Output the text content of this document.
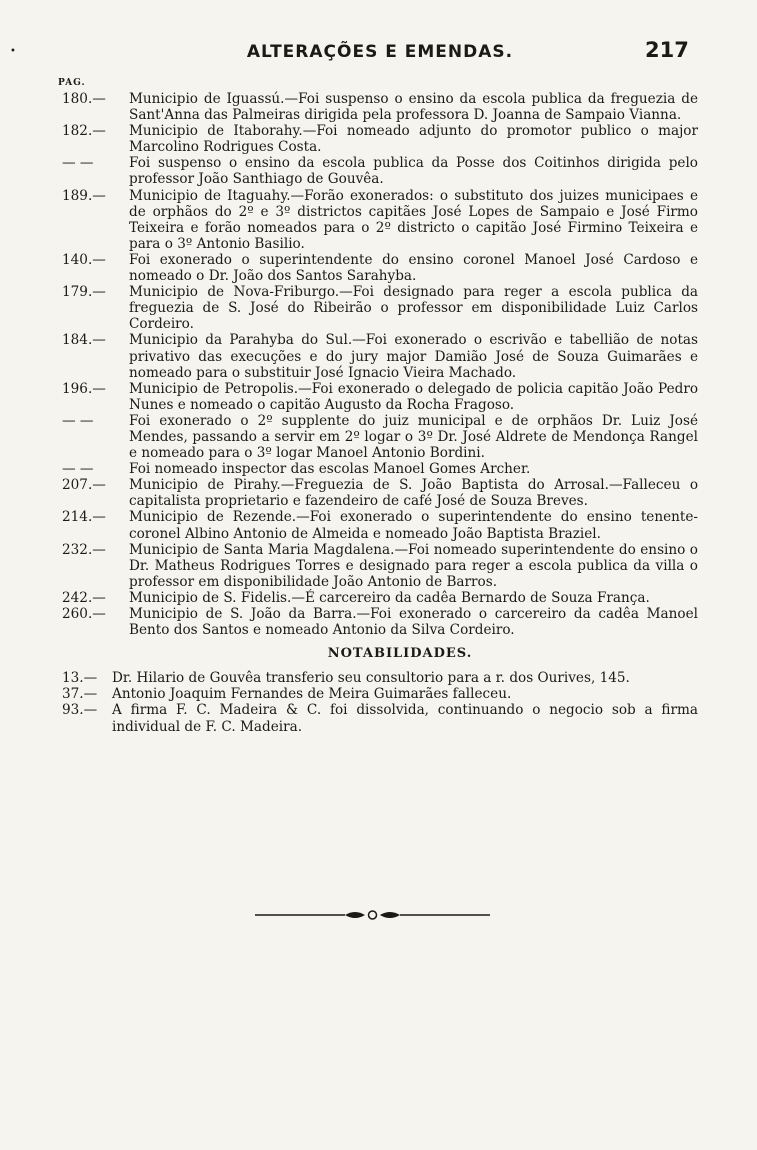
•	ALTERAÇÕES E EMENDAS.	217
PAG.

180.—	Municipio de Iguassú.—Foi suspenso o ensino da escola publica da freguezia de Sant'Anna das Palmeiras dirigida pela professora D. Joanna de Sampaio Vianna.

182.—	Municipio de Itaborahy.—Foi nomeado adjunto do promotor publico o major Marcolino Rodrigues Costa.

— —	Foi suspenso o ensino da escola publica da Posse dos Coitinhos dirigida pelo professor João Santhiago de Gouvêa.

189.—	Municipio de Itaguahy.—Forão exonerados: o substituto dos juizes municipaes e de orphãos do 2º e 3º districtos capitães José Lopes de Sampaio e José Firmo Teixeira e forão nomeados para o 2º districto o capitão José Firmino Teixeira e para o 3º Antonio Basilio.

140.—	Foi exonerado o superintendente do ensino coronel Manoel José Cardoso e nomeado o Dr. João dos Santos Sarahyba.

179.—	Municipio de Nova-Friburgo.—Foi designado para reger a escola publica da freguezia de S. José do Ribeirão o professor em disponibilidade Luiz Carlos Cordeiro.

184.—	Municipio da Parahyba do Sul.—Foi exonerado o escrivão e tabellião de notas privativo das execuções e do jury major Damião José de Souza Guimarães e nomeado para o substituir José Ignacio Vieira Machado.

196.—	Municipio de Petropolis.—Foi exonerado o delegado de policia capitão João Pedro Nunes e nomeado o capitão Augusto da Rocha Fragoso.

— —	Foi exonerado o 2º supplente do juiz municipal e de orphãos Dr. Luiz José Mendes, passando a servir em 2º logar o 3º Dr. José Aldrete de Mendonça Rangel e nomeado para o 3º logar Manoel Antonio Bordini.

— —	Foi nomeado inspector das escolas Manoel Gomes Archer.

207.—	Municipio de Pirahy.—Freguezia de S. João Baptista do Arrosal.—Falleceu o capitalista proprietario e fazendeiro de café José de Souza Breves.

214.—	Municipio de Rezende.—Foi exonerado o superintendente do ensino tenente-coronel Albino Antonio de Almeida e nomeado João Baptista Braziel.

232.—	Municipio de Santa Maria Magdalena.—Foi nomeado superintendente do ensino o Dr. Matheus Rodrigues Torres e designado para reger a escola publica da villa o professor em disponibilidade João Antonio de Barros.

242.—	Municipio de S. Fidelis.—É carcereiro da cadêa Bernardo de Souza França.

260.—	Municipio de S. João da Barra.—Foi exonerado o carcereiro da cadêa Manoel Bento dos Santos e nomeado Antonio da Silva Cordeiro.

NOTABILIDADES.

13.—	Dr. Hilario de Gouvêa transferio seu consultorio para a r. dos Ourives, 145.

37.—	Antonio Joaquim Fernandes de Meira Guimarães falleceu.

93.—	A firma F. C. Madeira & C. foi dissolvida, continuando o negocio sob a firma individual de F. C. Madeira.
